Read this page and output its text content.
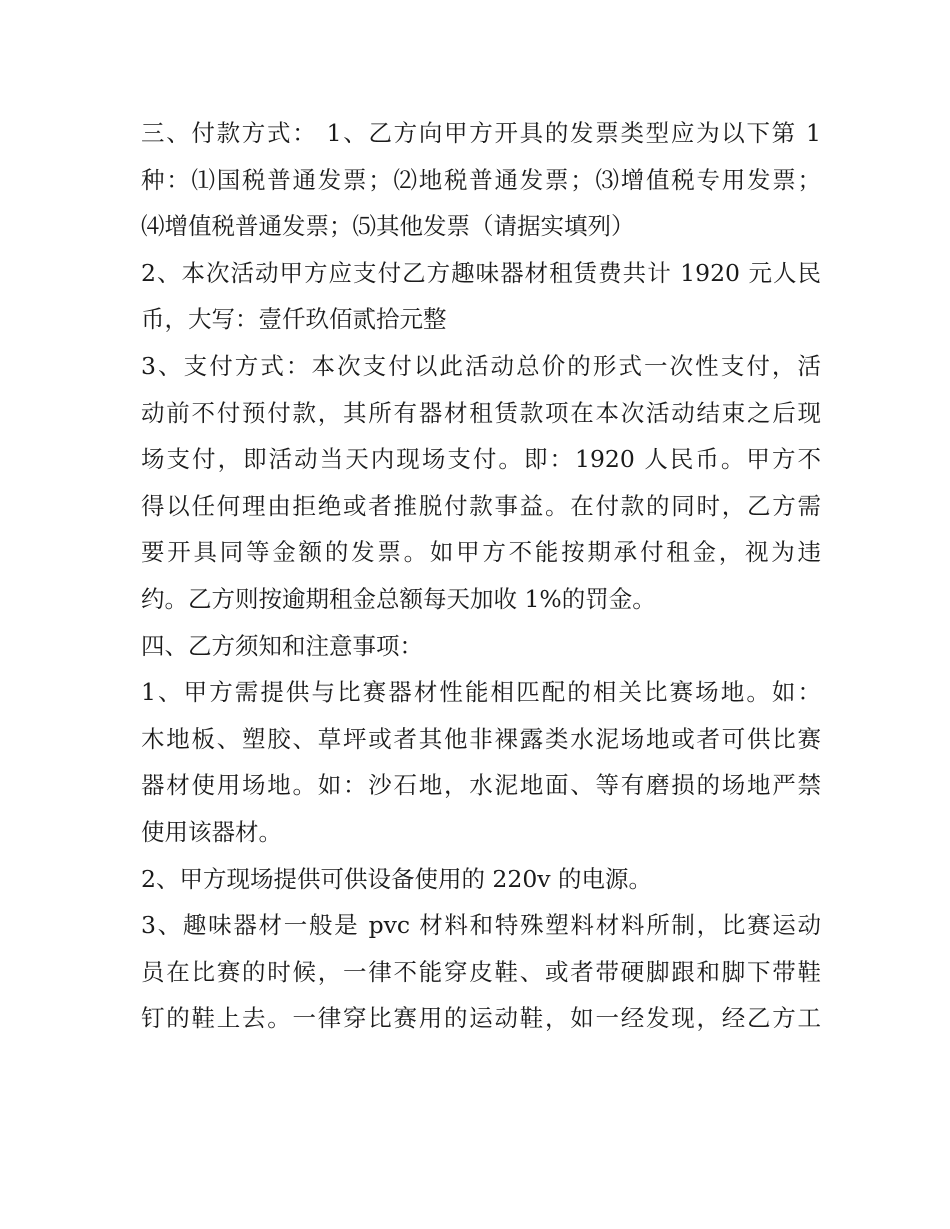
三、付款方式： 1、乙方向甲方开具的发票类型应为以下第 1
种：⑴国税普通发票；⑵地税普通发票；⑶增值税专用发票；
⑷增值税普通发票；⑸其他发票（请据实填列）
2、本次活动甲方应支付乙方趣味器材租赁费共计 1920 元人民
币，大写：壹仟玖佰贰拾元整
3、支付方式：本次支付以此活动总价的形式一次性支付，活
动前不付预付款，其所有器材租赁款项在本次活动结束之后现
场支付，即活动当天内现场支付。即：1920 人民币。甲方不
得以任何理由拒绝或者推脱付款事益。在付款的同时，乙方需
要开具同等金额的发票。如甲方不能按期承付租金，视为违
约。乙方则按逾期租金总额每天加收 1%的罚金。
四、乙方须知和注意事项：
1、甲方需提供与比赛器材性能相匹配的相关比赛场地。如：
木地板、塑胶、草坪或者其他非裸露类水泥场地或者可供比赛
器材使用场地。如：沙石地，水泥地面、等有磨损的场地严禁
使用该器材。
2、甲方现场提供可供设备使用的 220v 的电源。
3、趣味器材一般是 pvc 材料和特殊塑料材料所制，比赛运动
员在比赛的时候，一律不能穿皮鞋、或者带硬脚跟和脚下带鞋
钉的鞋上去。一律穿比赛用的运动鞋，如一经发现，经乙方工
